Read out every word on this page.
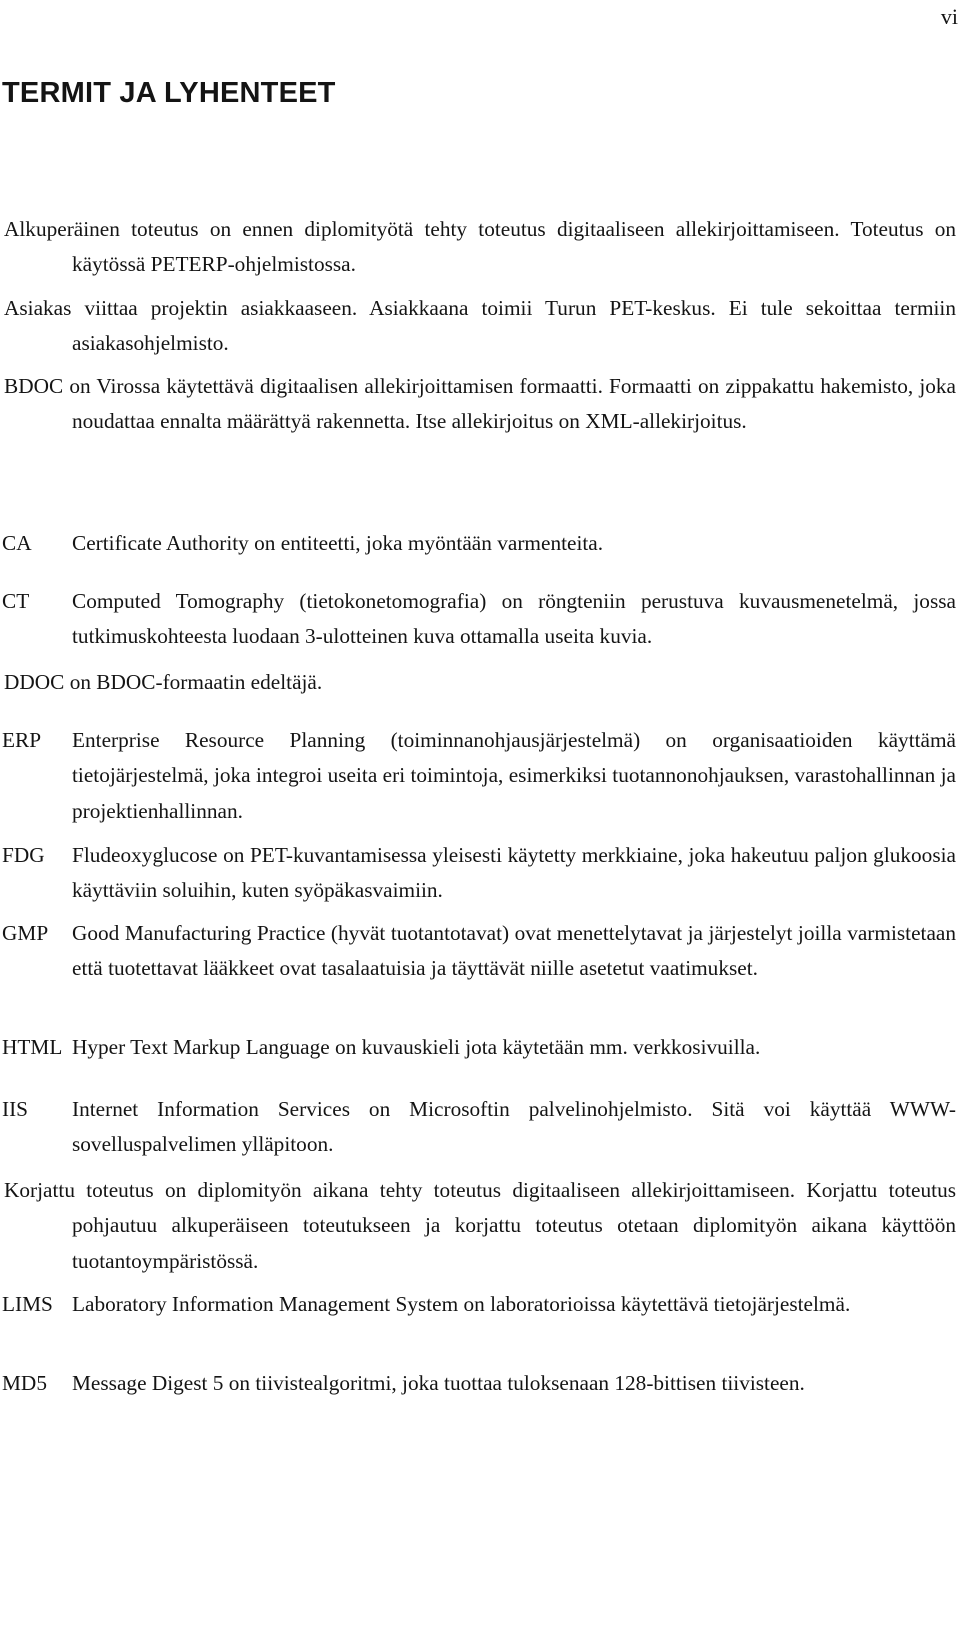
vi
TERMIT JA LYHENTEET
Alkuperäinen toteutus on ennen diplomityötä tehty toteutus digitaaliseen allekirjoittamiseen. Toteutus on käytössä PETERP-ohjelmistossa.
Asiakas viittaa projektin asiakkaaseen. Asiakkaana toimii Turun PET-keskus. Ei tule sekoittaa termiin asiakasohjelmisto.
BDOC on Virossa käytettävä digitaalisen allekirjoittamisen formaatti. Formaatti on zippakattu hakemisto, joka noudattaa ennalta määrättyä rakennetta. Itse allekirjoitus on XML-allekirjoitus.
CA Certificate Authority on entiteetti, joka myöntään varmenteita.
CT Computed Tomography (tietokonetomografia) on röngteniin perustuva kuvausmenetelmä, jossa tutkimuskohteesta luodaan 3-ulotteinen kuva ottamalla useita kuvia.
DDOC on BDOC-formaatin edeltäjä.
ERP Enterprise Resource Planning (toiminnanohjausjärjestelmä) on organisaatioiden käyttämä tietojärjestelmä, joka integroi useita eri toimintoja, esimerkiksi tuotannonohjauksen, varastohallinnan ja projektienhallinnan.
FDG Fludeoxyglucose on PET-kuvantamisessa yleisesti käytetty merkkiaine, joka hakeutuu paljon glukoosia käyttäviin soluihin, kuten syöpäkasvaimiin.
GMP Good Manufacturing Practice (hyvät tuotantotavat) ovat menettelytavat ja järjestelyt joilla varmistetaan että tuotettavat lääkkeet ovat tasalaatuisia ja täyttävät niille asetetut vaatimukset.
HTML Hyper Text Markup Language on kuvauskieli jota käytetään mm. verkkosivuilla.
IIS Internet Information Services on Microsoftin palvelinohjelmisto. Sitä voi käyttää WWW-sovelluspalvelimen ylläpitoon.
Korjattu toteutus on diplomityön aikana tehty toteutus digitaaliseen allekirjoittamiseen. Korjattu toteutus pohjautuu alkuperäiseen toteutukseen ja korjattu toteutus otetaan diplomityön aikana käyttöön tuotantoympäristössä.
LIMS Laboratory Information Management System on laboratorioissa käytettävä tietojärjestelmä.
MD5 Message Digest 5 on tiivistealgoritmi, joka tuottaa tuloksenaan 128-bittisen tiivisteen.
